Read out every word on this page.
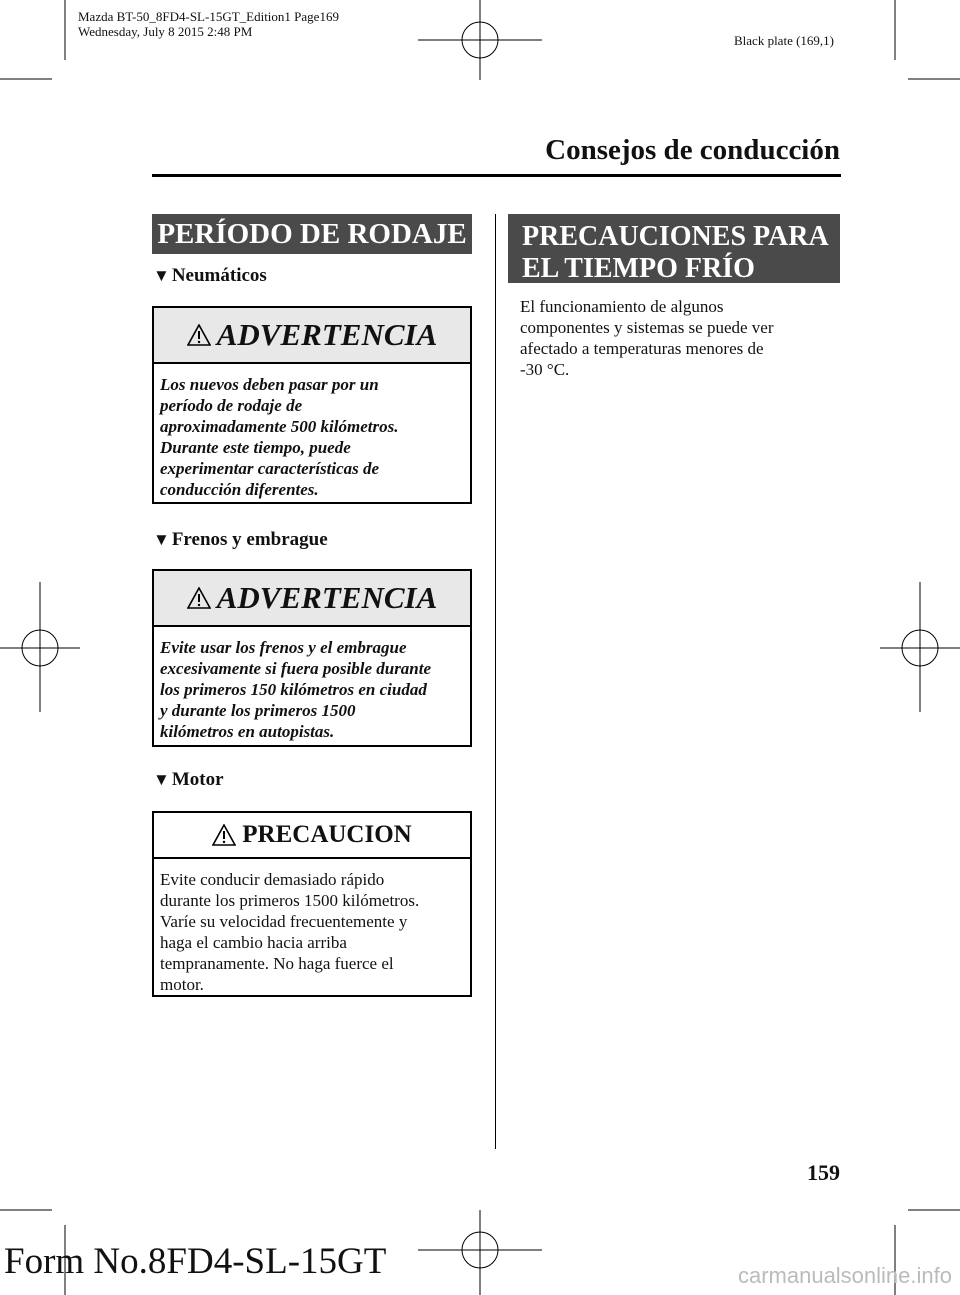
Mazda BT-50_8FD4-SL-15GT_Edition1 Page169
Wednesday, July 8 2015 2:48 PM
Black plate (169,1)
Consejos de conducción
PERÍODO DE RODAJE
▼ Neumáticos
ADVERTENCIA
Los nuevos deben pasar por un
período de rodaje de
aproximadamente 500 kilómetros.
Durante este tiempo, puede
experimentar características de
conducción diferentes.
▼ Frenos y embrague
ADVERTENCIA
Evite usar los frenos y el embrague
excesivamente si fuera posible durante
los primeros 150 kilómetros en ciudad
y durante los primeros 1500
kilómetros en autopistas.
▼ Motor
PRECAUCION
Evite conducir demasiado rápido
durante los primeros 1500 kilómetros.
Varíe su velocidad frecuentemente y
haga el cambio hacia arriba
tempranamente. No haga fuerce el
motor.
PRECAUCIONES PARA
EL TIEMPO FRÍO
El funcionamiento de algunos
componentes y sistemas se puede ver
afectado a temperaturas menores de
-30 °C.
159
Form No.8FD4-SL-15GT	carmanualsonline.info
